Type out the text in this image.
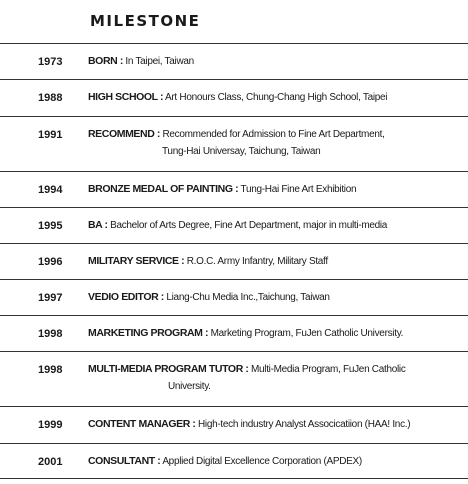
MILESTONE
1973 BORN : In Taipei, Taiwan
1988 HIGH SCHOOL : Art Honours Class, Chung-Chang High School, Taipei
1991 RECOMMEND : Recommended for Admission to Fine Art Department,
Tung-Hai Universay, Taichung, Taiwan
1994 BRONZE MEDAL OF PAINTING : Tung-Hai Fine Art Exhibition
1995 BA : Bachelor of Arts Degree, Fine Art Department, major in multi-media
1996 MILITARY SERVICE : R.O.C. Army Infantry, Military Staff
1997 VEDIO EDITOR : Liang-Chu Media Inc.,Taichung, Taiwan
1998 MARKETING PROGRAM : Marketing Program, FuJen Catholic University.
1998 MULTI-MEDIA PROGRAM TUTOR : Multi-Media Program, FuJen Catholic
University.
1999 CONTENT MANAGER : High-tech industry Analyst Associcatiion (HAA! Inc.)
2001 CONSULTANT : Applied Digital Excellence Corporation (APDEX)
